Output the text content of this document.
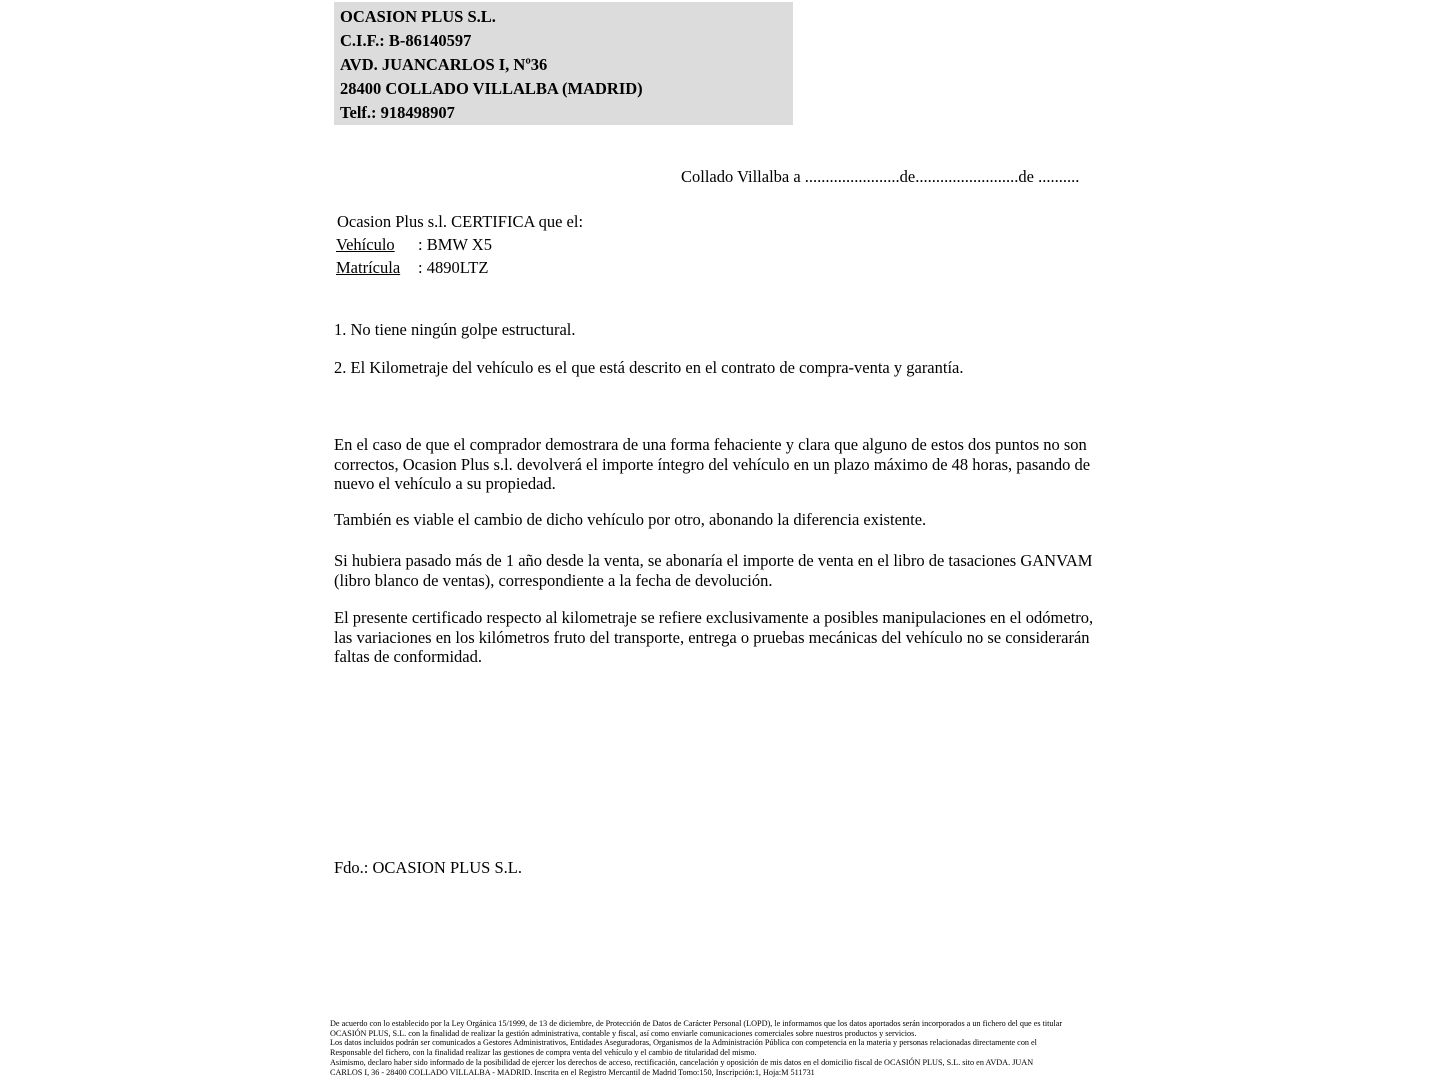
OCASION PLUS S.L.
C.I.F.: B-86140597
AVD. JUANCARLOS I, Nº36
28400 COLLADO VILLALBA (MADRID)
Telf.: 918498907
Collado Villalba a .......................de.........................de ..........
Ocasion Plus s.l. CERTIFICA que el:
Vehículo : BMW X5
Matrícula : 4890LTZ
1. No tiene ningún golpe estructural.
2. El Kilometraje del vehículo es el que está descrito en el contrato de compra-venta y garantía.
En el caso de que el comprador demostrara de una forma fehaciente y clara que alguno de estos dos puntos no son correctos, Ocasion Plus s.l. devolverá el importe íntegro del vehículo en un plazo máximo de 48 horas, pasando de nuevo el vehículo a su propiedad.
También es viable el cambio de dicho vehículo por otro, abonando la diferencia existente.
Si hubiera pasado más de 1 año desde la venta, se abonaría el importe de venta en el libro de tasaciones GANVAM (libro blanco de ventas), correspondiente a la fecha de devolución.
El presente certificado respecto al kilometraje se refiere exclusivamente a posibles manipulaciones en el odómetro, las variaciones en los kilómetros fruto del transporte, entrega o pruebas mecánicas del vehículo no se considerarán faltas de conformidad.
Fdo.: OCASION PLUS S.L.
De acuerdo con lo establecido por la Ley Orgánica 15/1999, de 13 de diciembre, de Protección de Datos de Carácter Personal (LOPD), le informamos que los datos aportados serán incorporados a un fichero del que es titular
OCASIÓN PLUS, S.L. con la finalidad de realizar la gestión administrativa, contable y fiscal, así como enviarle comunicaciones comerciales sobre nuestros productos y servicios.
Los datos incluidos podrán ser comunicados a Gestores Administrativos, Entidades Aseguradoras, Organismos de la Administración Pública con competencia en la materia y personas relacionadas directamente con el
Responsable del fichero, con la finalidad realizar las gestiones de compra venta del vehículo y el cambio de titularidad del mismo.
Asimismo, declaro haber sido informado de la posibilidad de ejercer los derechos de acceso, rectificación, cancelación y oposición de mis datos en el domicilio fiscal de OCASIÓN PLUS, S.L. sito en AVDA. JUAN
CARLOS I, 36 - 28400 COLLADO VILLALBA - MADRID. Inscrita en el Registro Mercantil de Madrid Tomo:150, Inscripción:1, Hoja:M 511731
